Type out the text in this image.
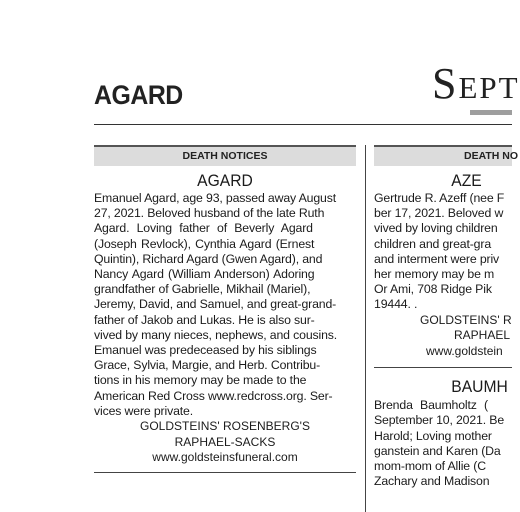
AGARD	Sept
DEATH NOTICES
AGARD
Emanuel Agard, age 93, passed away August
27, 2021. Beloved husband of the late Ruth
Agard. Loving father of Beverly Agard
(Joseph Revlock), Cynthia Agard (Ernest
Quintin), Richard Agard (Gwen Agard), and
Nancy Agard (William Anderson) Adoring
grandfather of Gabrielle, Mikhail (Mariel),
Jeremy, David, and Samuel, and great-grand-
father of Jakob and Lukas. He is also sur-
vived by many nieces, nephews, and cousins.
Emanuel was predeceased by his siblings
Grace, Sylvia, Margie, and Herb. Contribu-
tions in his memory may be made to the
American Red Cross www.redcross.org. Ser-
vices were private.
GOLDSTEINS' ROSENBERG'S
RAPHAEL-SACKS
www.goldsteinsfuneral.com
DEATH NO
AZE
Gertrude R. Azeff (nee F
ber 17, 2021. Beloved w
vived by loving children
children and great-gra
and interment were priv
her memory may be m
Or Ami, 708 Ridge Pik
19444. .
GOLDSTEINS' R
RAPHAEL
www.goldstein
BAUMH
Brenda Baumholtz (
September 10, 2021. Be
Harold; Loving mother
ganstein and Karen (Da
mom-mom of Allie (C
Zachary and Madison
